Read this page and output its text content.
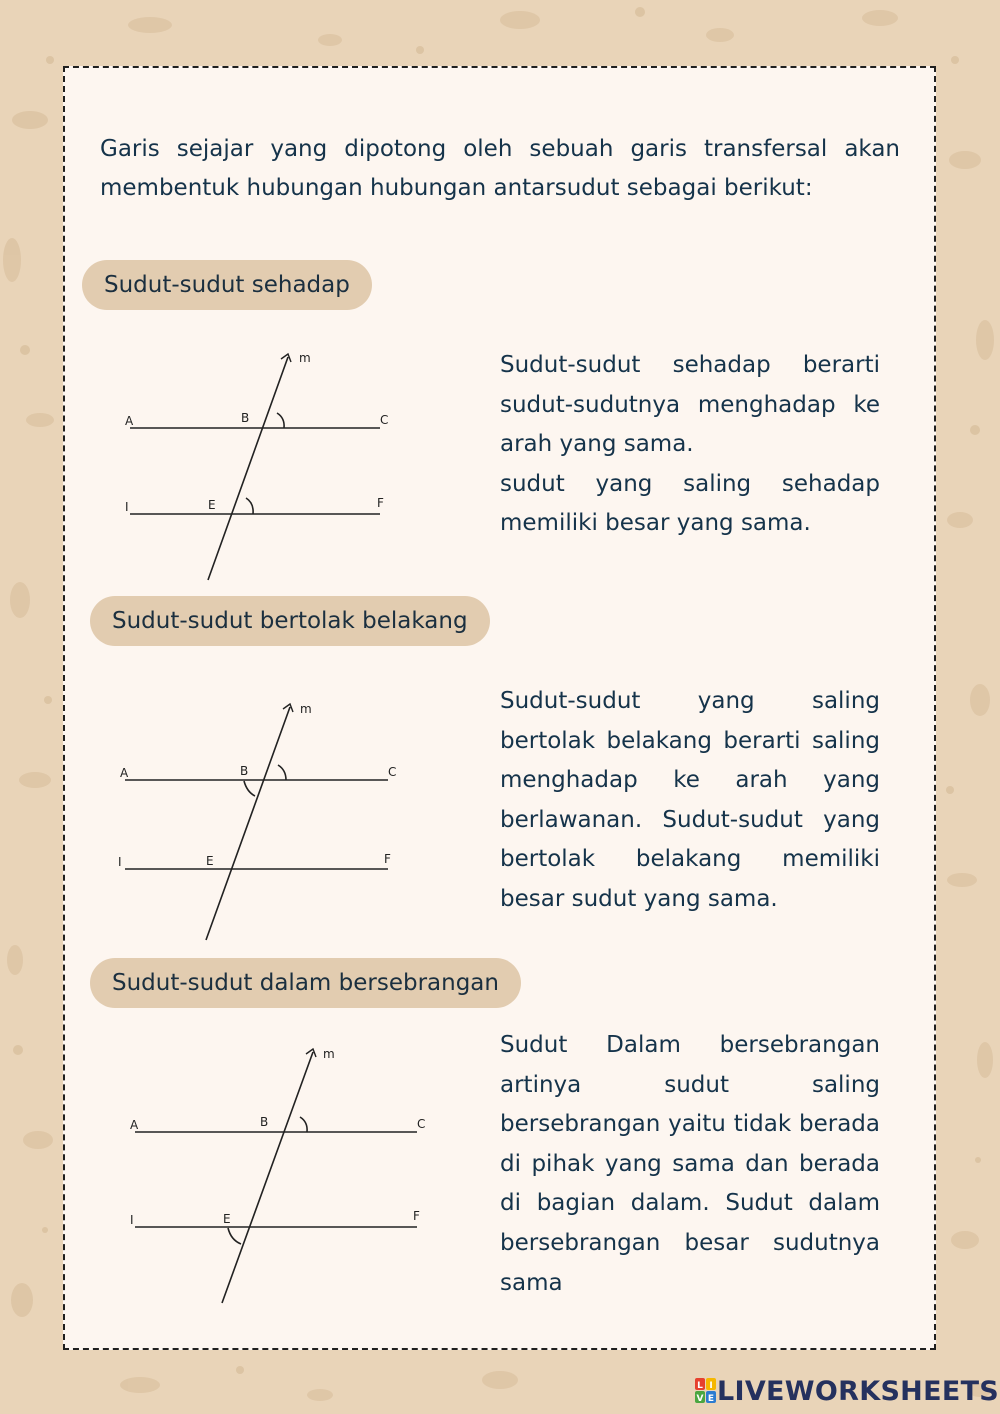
Garis sejajar yang dipotong oleh sebuah garis transfersal akan membentuk hubungan hubungan antarsudut sebagai berikut:

Sudut-sudut sehadap
m
A	B	C
I	E	F

Sudut-sudut sehadap berarti sudut-sudutnya menghadap ke arah yang sama.

sudut yang saling sehadap memiliki besar yang sama.

Sudut-sudut bertolak belakang
m
A	B	C
I	E	F

Sudut-sudut yang saling bertolak belakang berarti saling menghadap ke arah yang berlawanan. Sudut-sudut yang bertolak belakang memiliki besar sudut yang sama.

Sudut-sudut dalam bersebrangan
m
A	B	C
I	E	F

Sudut Dalam bersebrangan artinya sudut saling bersebrangan yaitu tidak berada di pihak yang sama dan berada di bagian dalam. Sudut dalam bersebrangan besar sudutnya sama

L I
V E LIVEWORKSHEETS
